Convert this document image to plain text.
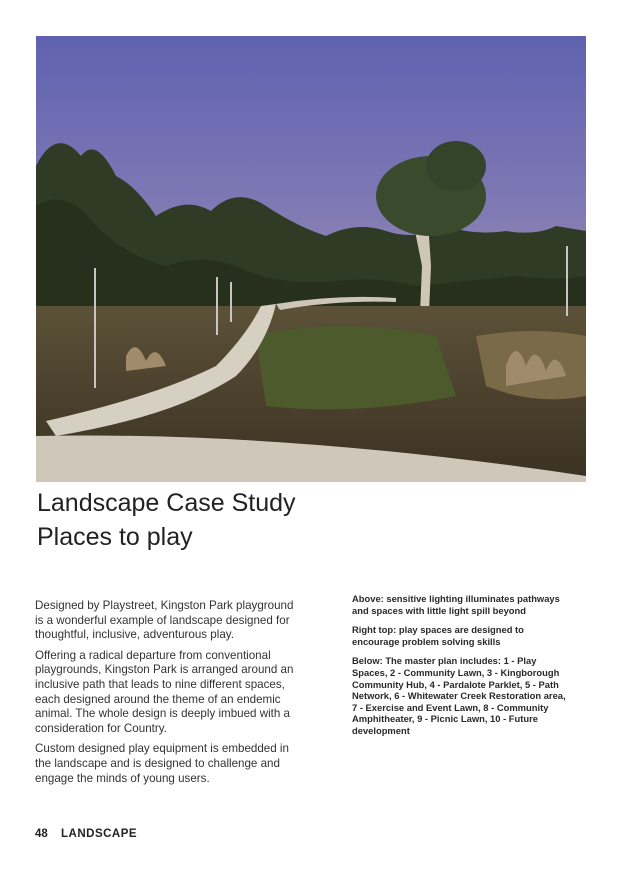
Landscape Case Study
Places to play

Designed by Playstreet, Kingston Park playground is a wonderful example of landscape designed for thoughtful, inclusive, adventurous play.

Offering a radical departure from conventional playgrounds, Kingston Park is arranged around an inclusive path that leads to nine different spaces, each designed around the theme of an endemic animal. The whole design is deeply imbued with a consideration for Country.

Custom designed play equipment is embedded in the landscape and is designed to challenge and engage the minds of young users.

Above: sensitive lighting illuminates pathways and spaces with little light spill beyond

Right top: play spaces are designed to encourage problem solving skills

Below: The master plan includes: 1 - Play Spaces, 2 - Community Lawn, 3 - Kingborough Community Hub, 4 - Pardalote Parklet, 5 - Path Network, 6 - Whitewater Creek Restoration area, 7 - Exercise and Event Lawn, 8 - Community Amphitheater, 9 - Picnic Lawn, 10 - Future development

48 LANDSCAPE
